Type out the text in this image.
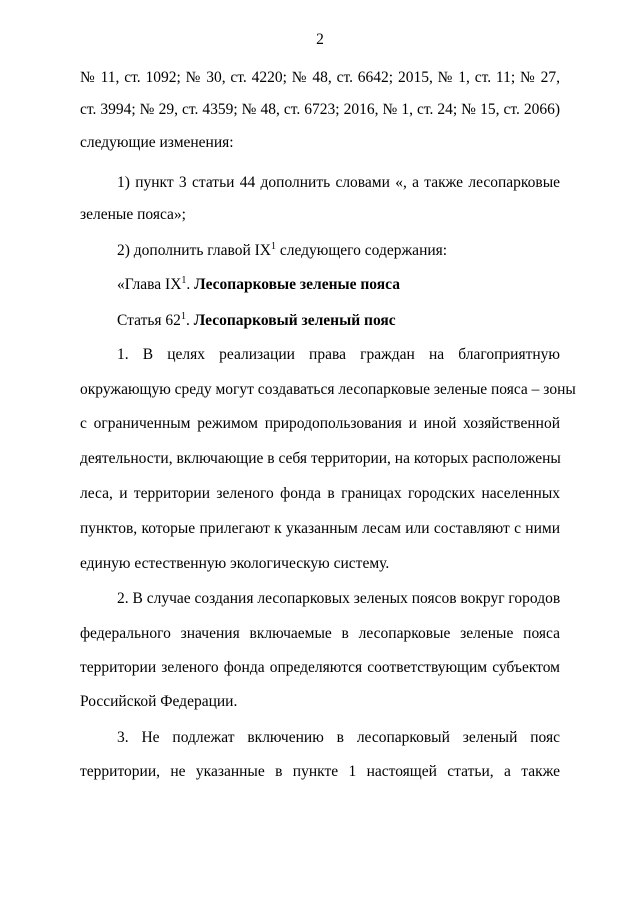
2
№ 11, ст. 1092; № 30, ст. 4220; № 48, ст. 6642; 2015, № 1, ст. 11; № 27,
ст. 3994; № 29, ст. 4359; № 48, ст. 6723; 2016, № 1, ст. 24; № 15, ст. 2066)
следующие изменения:
1) пункт 3 статьи 44 дополнить словами «, а также лесопарковые
зеленые пояса»;
2) дополнить главой $IX^1$ следующего содержания:
«Глава $IX^1$. Лесопарковые зеленые пояса
Статья $62^1$. Лесопарковый зеленый пояс
1. В целях реализации права граждан на благоприятную
окружающую среду могут создаваться лесопарковые зеленые пояса – зоны
с ограниченным режимом природопользования и иной хозяйственной
деятельности, включающие в себя территории, на которых расположены
леса, и территории зеленого фонда в границах городских населенных
пунктов, которые прилегают к указанным лесам или составляют с ними
единую естественную экологическую систему.
2. В случае создания лесопарковых зеленых поясов вокруг городов
федерального значения включаемые в лесопарковые зеленые пояса
территории зеленого фонда определяются соответствующим субъектом
Российской Федерации.
3. Не подлежат включению в лесопарковый зеленый пояс
территории, не указанные в пункте 1 настоящей статьи, а также
